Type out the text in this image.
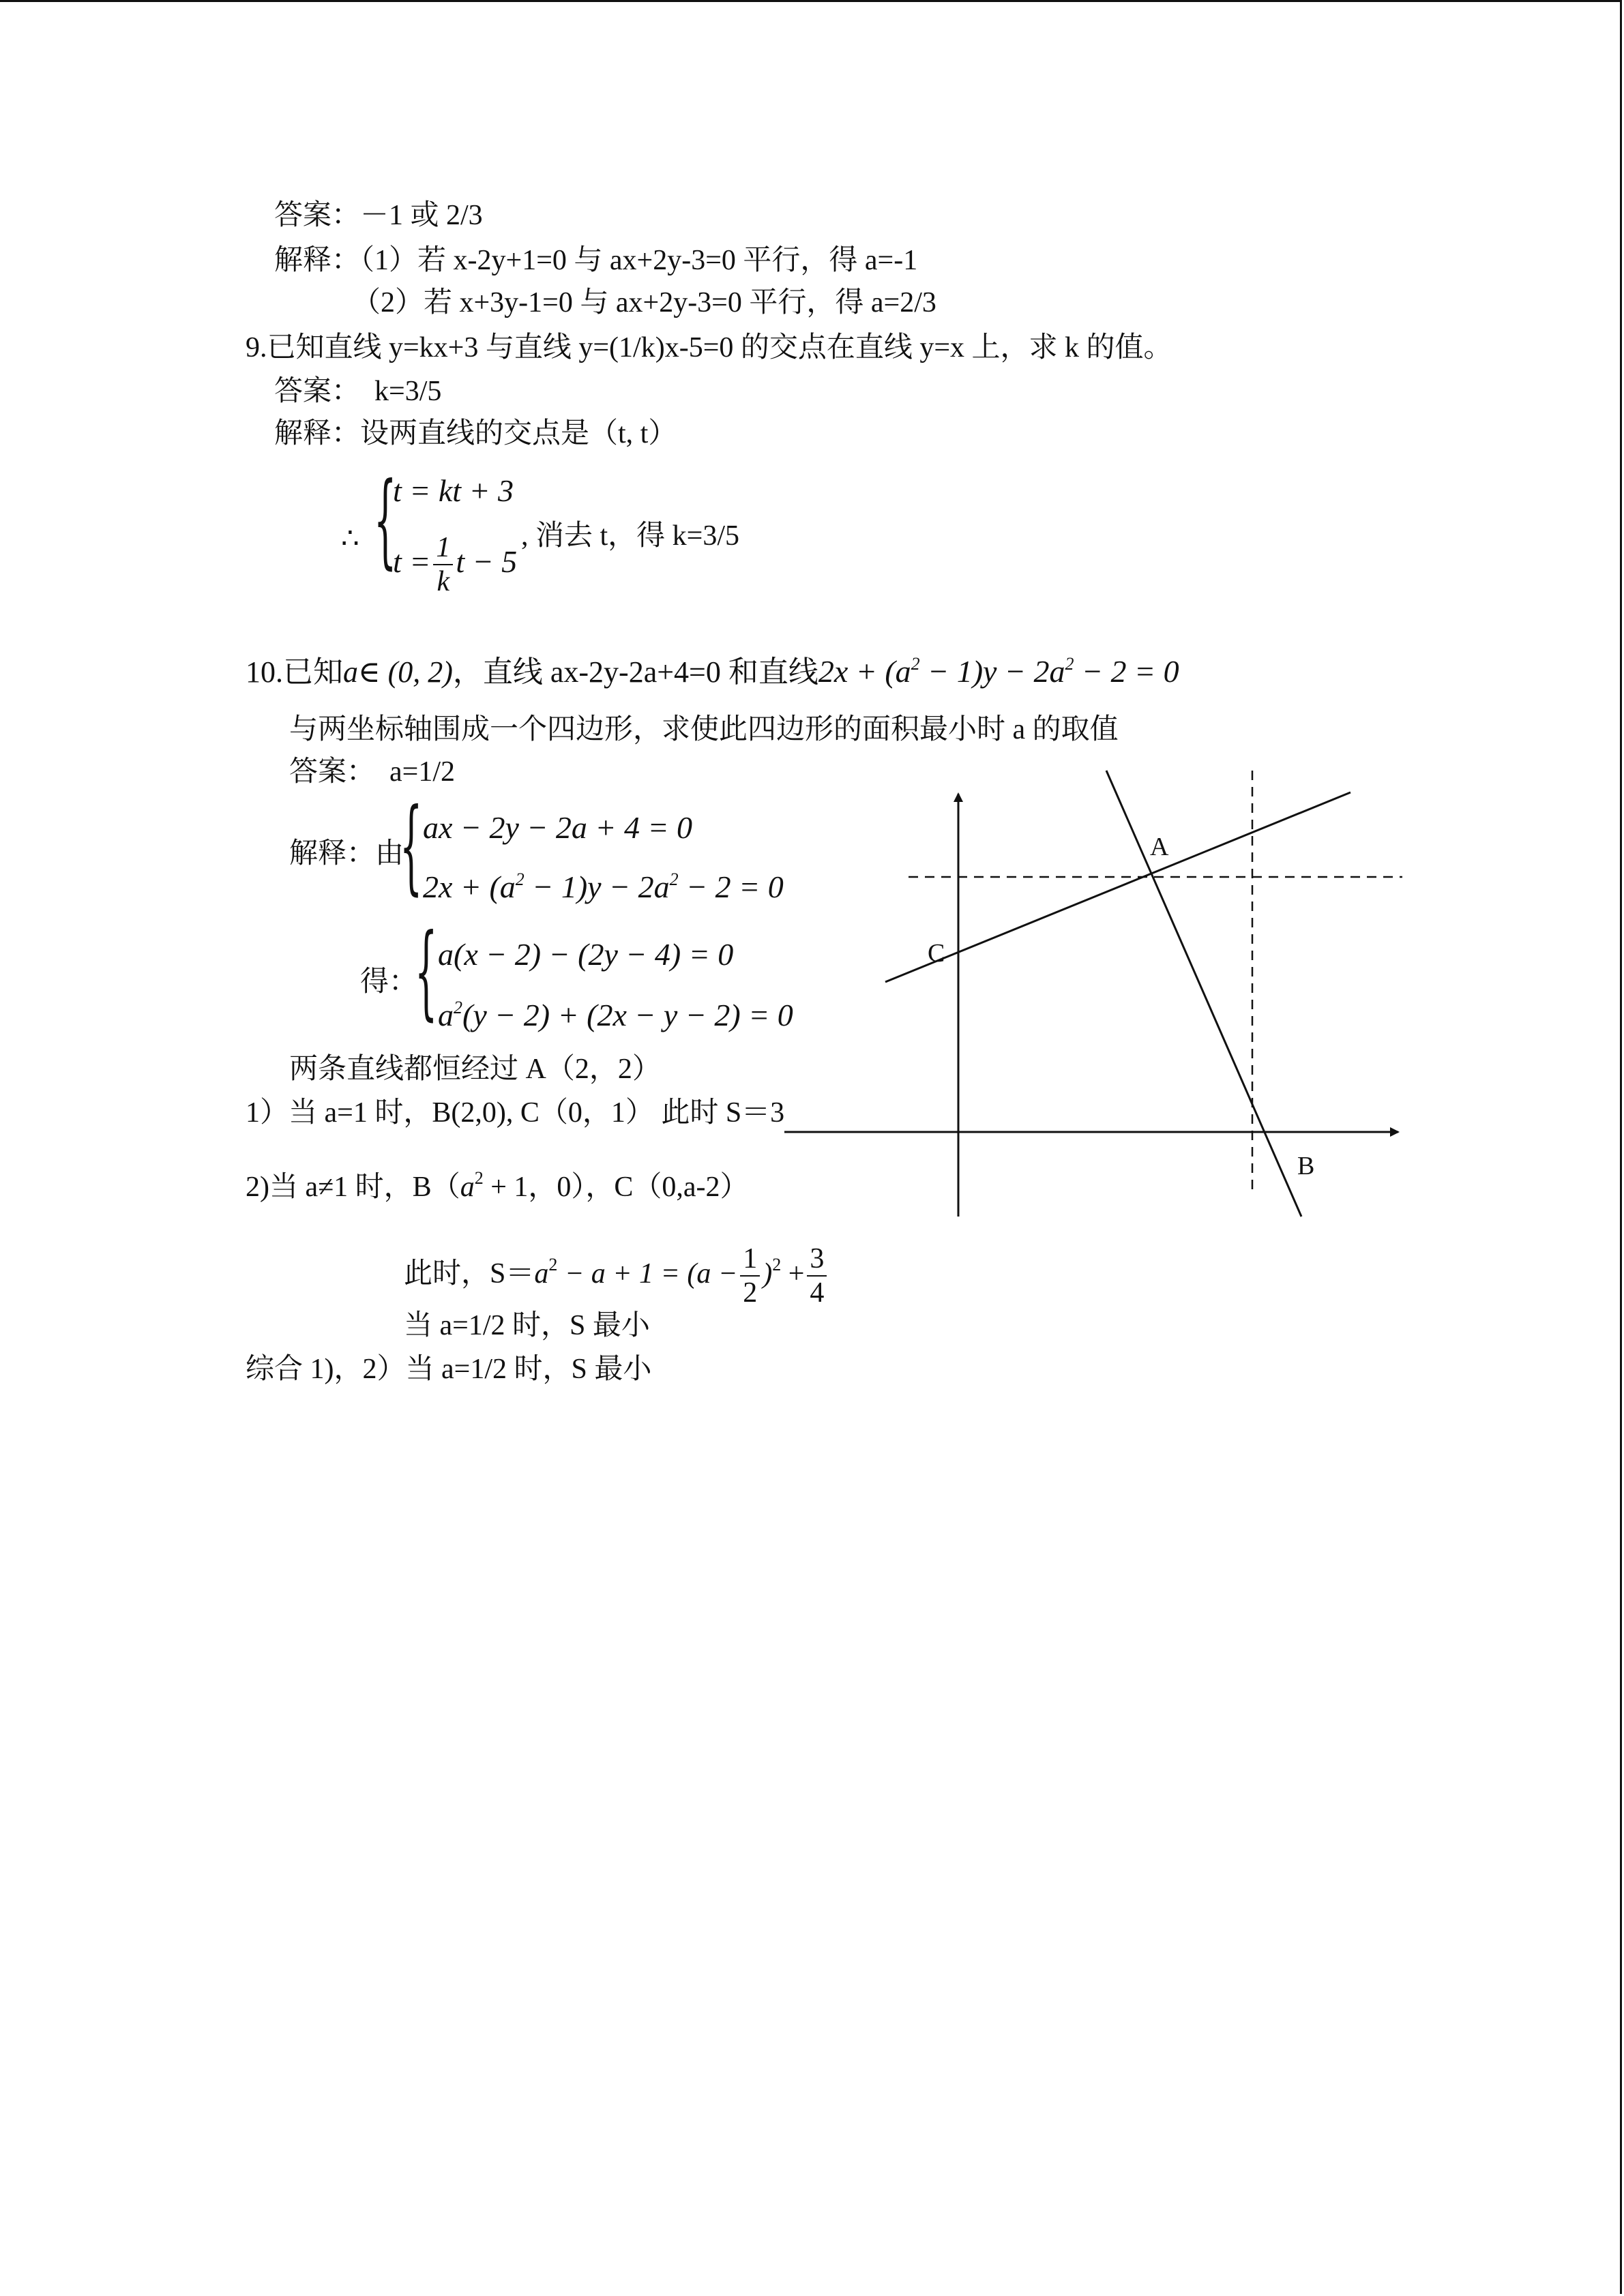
答案：－1 或 2/3
解释：（1）若 x-2y+1=0 与 ax+2y-3=0 平行，得 a=-1
（2）若 x+3y-1=0 与 ax+2y-3=0 平行，得 a=2/3
9.已知直线 y=kx+3 与直线 y=(1/k)x-5=0 的交点在直线 y=x 上，求 k 的值。
答案： k=3/5
解释：设两直线的交点是（t, t）
∴ {
t = kt + 3
$t = \frac{1}{k}$ t − 5
, 消去 t，得 k=3/5
10.已知a∈ (0, 2)，直线 ax-2y-2a+4=0 和直线$2x + (a^2 - 1)y - 2a^2 - 2 = 0$
与两坐标轴围成一个四边形，求使此四边形的面积最小时 a 的取值
答案： a=1/2
解释：由
{ ax − 2y − 2a + 4 = 0
$2x + (a^2 - 1)y - 2a^2 - 2 = 0$
得：
{ a(x − 2) − (2y − 4) = 0
$a^2(y - 2) + (2x - y - 2) = 0$
两条直线都恒经过 A（2，2）
1）当 a=1 时，B(2,0), C（0，1） 此时 S＝3
2)当 a≠1 时，$B(a^2 + 1$，0），C（0,a-2）
此时，$S=a^2 - a + 1 = (a - \frac{1}{2} )^2 + \frac{3}{4}$
当 a=1/2 时，S 最小
综合 1)，2）当 a=1/2 时，S 最小
A
B
C
